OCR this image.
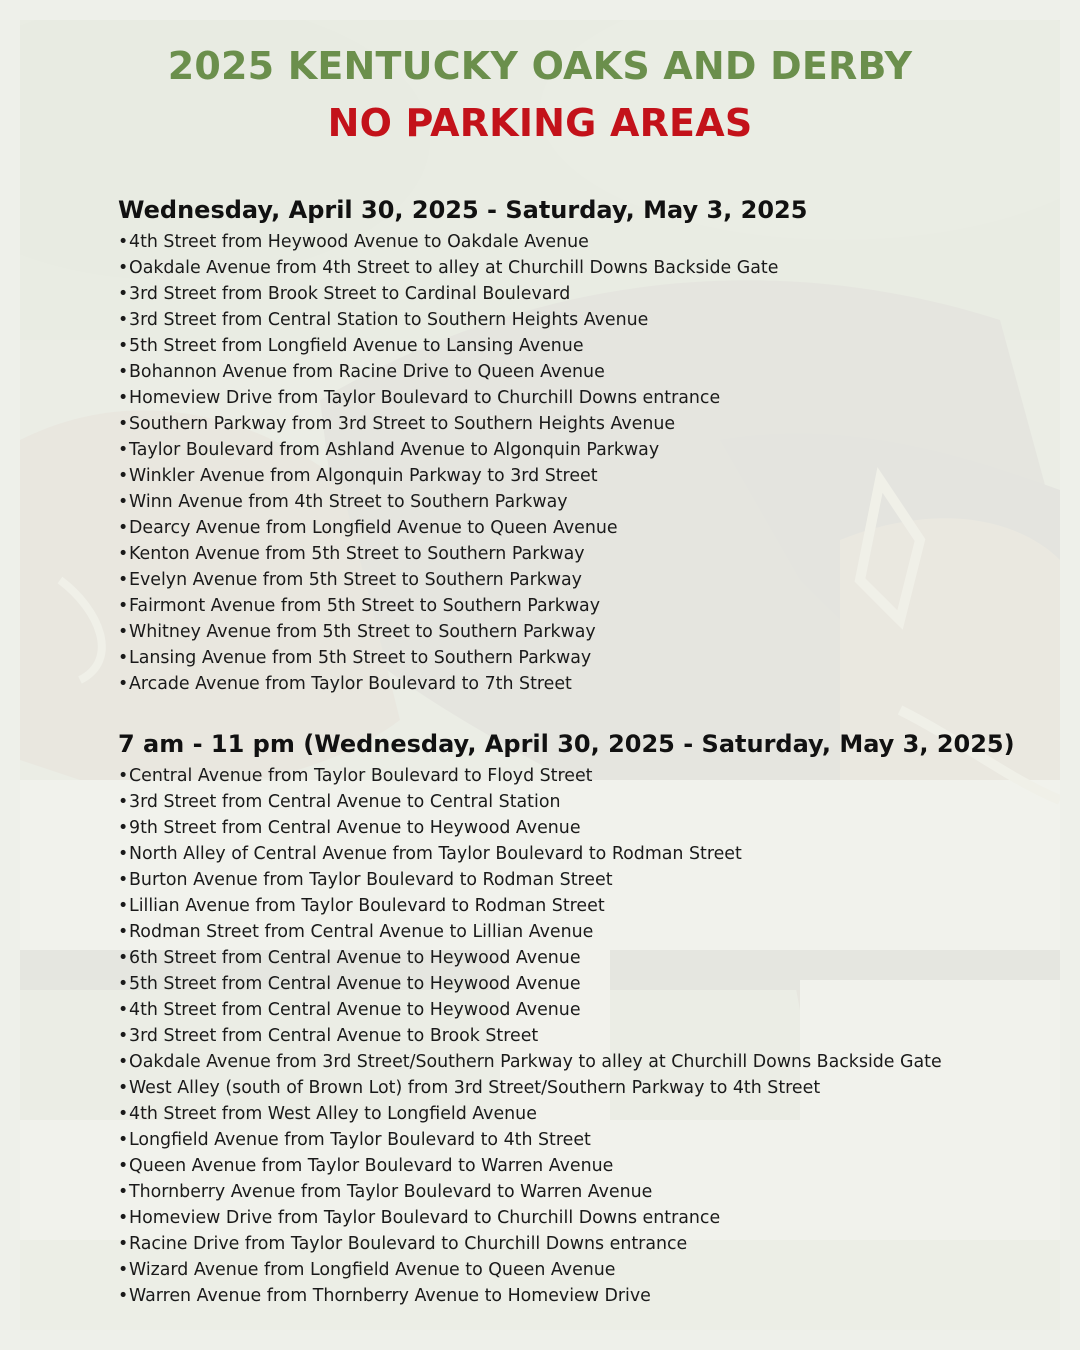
2025 KENTUCKY OAKS AND DERBY
NO PARKING AREAS
Wednesday, April 30, 2025 - Saturday, May 3, 2025
•4th Street from Heywood Avenue to Oakdale Avenue
•Oakdale Avenue from 4th Street to alley at Churchill Downs Backside Gate
•3rd Street from Brook Street to Cardinal Boulevard
•3rd Street from Central Station to Southern Heights Avenue
•5th Street from Longfield Avenue to Lansing Avenue
•Bohannon Avenue from Racine Drive to Queen Avenue
•Homeview Drive from Taylor Boulevard to Churchill Downs entrance
•Southern Parkway from 3rd Street to Southern Heights Avenue
•Taylor Boulevard from Ashland Avenue to Algonquin Parkway
•Winkler Avenue from Algonquin Parkway to 3rd Street
•Winn Avenue from 4th Street to Southern Parkway
•Dearcy Avenue from Longfield Avenue to Queen Avenue
•Kenton Avenue from 5th Street to Southern Parkway
•Evelyn Avenue from 5th Street to Southern Parkway
•Fairmont Avenue from 5th Street to Southern Parkway
•Whitney Avenue from 5th Street to Southern Parkway
•Lansing Avenue from 5th Street to Southern Parkway
•Arcade Avenue from Taylor Boulevard to 7th Street
7 am - 11 pm (Wednesday, April 30, 2025 - Saturday, May 3, 2025)
•Central Avenue from Taylor Boulevard to Floyd Street
•3rd Street from Central Avenue to Central Station
•9th Street from Central Avenue to Heywood Avenue
•North Alley of Central Avenue from Taylor Boulevard to Rodman Street
•Burton Avenue from Taylor Boulevard to Rodman Street
•Lillian Avenue from Taylor Boulevard to Rodman Street
•Rodman Street from Central Avenue to Lillian Avenue
•6th Street from Central Avenue to Heywood Avenue
•5th Street from Central Avenue to Heywood Avenue
•4th Street from Central Avenue to Heywood Avenue
•3rd Street from Central Avenue to Brook Street
•Oakdale Avenue from 3rd Street/Southern Parkway to alley at Churchill Downs Backside Gate
•West Alley (south of Brown Lot) from 3rd Street/Southern Parkway to 4th Street
•4th Street from West Alley to Longfield Avenue
•Longfield Avenue from Taylor Boulevard to 4th Street
•Queen Avenue from Taylor Boulevard to Warren Avenue
•Thornberry Avenue from Taylor Boulevard to Warren Avenue
•Homeview Drive from Taylor Boulevard to Churchill Downs entrance
•Racine Drive from Taylor Boulevard to Churchill Downs entrance
•Wizard Avenue from Longfield Avenue to Queen Avenue
•Warren Avenue from Thornberry Avenue to Homeview Drive
